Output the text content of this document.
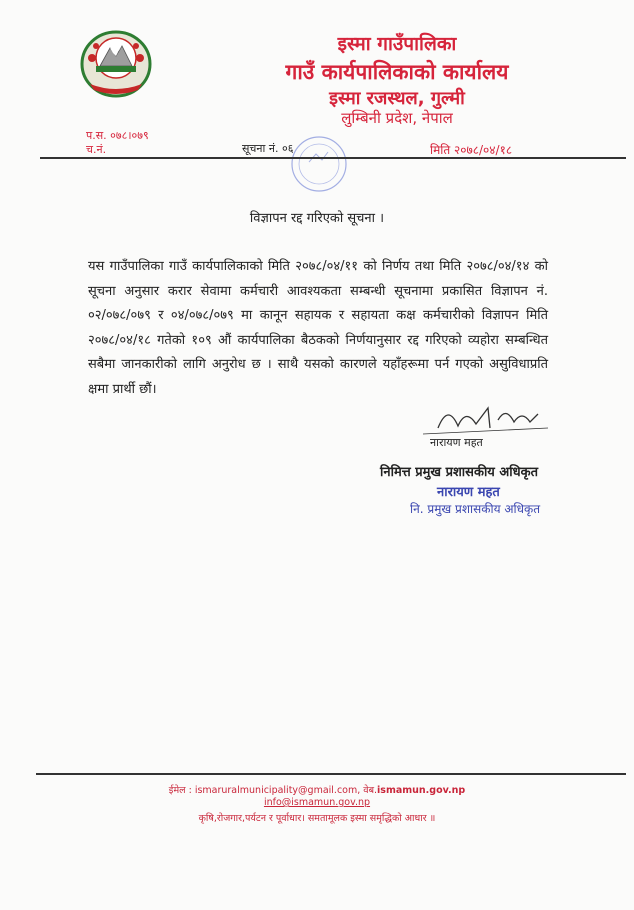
इस्मा गाउँपालिका
गाउँ कार्यपालिकाको कार्यालय
इस्मा रजस्थल, गुल्मी
लुम्बिनी प्रदेश, नेपाल
प.स. ०७८।०७९
च.नं.	सूचना नं. ०६	मिति २०७८/०४/१८
विज्ञापन रद्द गरिएको सूचना ।
यस गाउँपालिका गाउँ कार्यपालिकाको मिति २०७८/०४/११ को निर्णय तथा मिति २०७८/०४/१४ को सूचना अनुसार करार सेवामा कर्मचारी आवश्यकता सम्बन्धी सूचनामा प्रकासित विज्ञापन नं. ०२/०७८/०७९ र ०४/०७८/०७९ मा कानून सहायक र सहायता कक्ष कर्मचारीको विज्ञापन मिति २०७८/०४/१८ गतेको १०९ औं कार्यपालिका बैठकको निर्णयानुसार रद्द गरिएको व्यहोरा सम्बन्धित सबैमा जानकारीको लागि अनुरोध छ । साथै यसको कारणले यहाँहरूमा पर्न गएको असुविधाप्रति क्षमा प्रार्थी छौं।
नारायण महत
निमित्त प्रमुख प्रशासकीय अधिकृत
नारायण महत
नि. प्रमुख प्रशासकीय अधिकृत
ईमेल : ismaruralmunicipality@gmail.com, वेब.ismamun.gov.np
info@ismamun.gov.np
कृषि,रोजगार,पर्यटन र पूर्वाधार। समतामूलक इस्मा समृद्धिको आधार ॥
